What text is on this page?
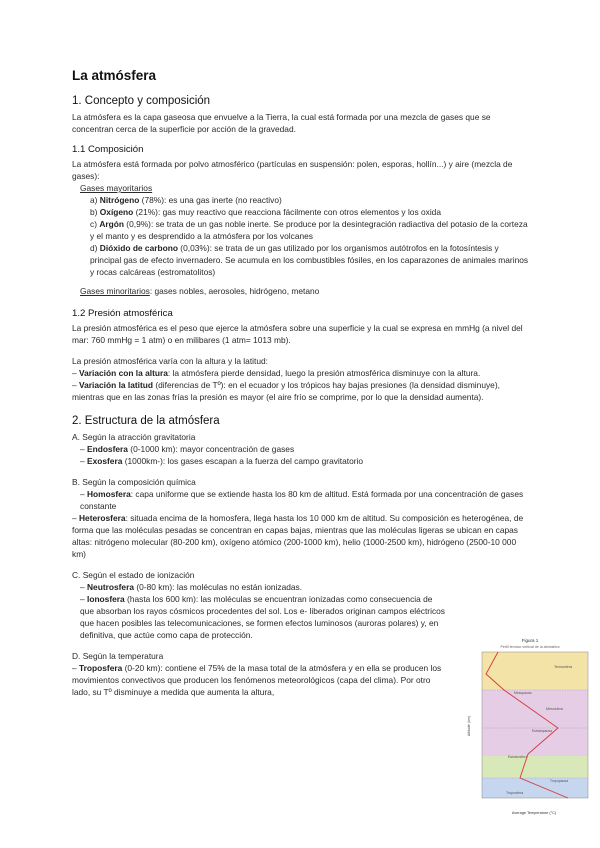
La atmósfera
1. Concepto y composición

La atmósfera es la capa gaseosa que envuelve a la Tierra, la cual está formada por una mezcla de gases que se concentran cerca de la superficie por acción de la gravedad.

1.1 Composición

La atmósfera está formada por polvo atmosférico (partículas en suspensión: polen, esporas, hollín...) y aire (mezcla de gases):

Gases mayoritarios

a) Nitrógeno (78%): es una gas inerte (no reactivo)

b) Oxígeno (21%): gas muy reactivo que reacciona fácilmente con otros elementos y los oxida

c) Argón (0,9%): se trata de un gas noble inerte. Se produce por la desintegración radiactiva del potasio de la corteza y el manto y es desprendido a la atmósfera por los volcanes

d) Dióxido de carbono (0,03%): se trata de un gas utilizado por los organismos autótrofos en la fotosíntesis y principal gas de efecto invernadero. Se acumula en los combustibles fósiles, en los caparazones de animales marinos y rocas calcáreas (estromatolitos)

Gases minoritarios: gases nobles, aerosoles, hidrógeno, metano

1.2 Presión atmosférica

La presión atmosférica es el peso que ejerce la atmósfera sobre una superficie y la cual se expresa en mmHg (a nivel del mar: 760 mmHg = 1 atm) o en milibares (1 atm= 1013 mb).

La presión atmosférica varía con la altura y la latitud:

– Variación con la altura: la atmósfera pierde densidad, luego la presión atmosférica disminuye con la altura.

– Variación la latitud (diferencias de Tº): en el ecuador y los trópicos hay bajas presiones (la densidad disminuye), mientras que en las zonas frías la presión es mayor (el aire frío se comprime, por lo que la densidad aumenta).

2. Estructura de la atmósfera

A. Según la atracción gravitatoria

– Endosfera (0-1000 km): mayor concentración de gases

– Exosfera (1000km-): los gases escapan a la fuerza del campo gravitatorio

B. Según la composición química

– Homosfera: capa uniforme que se extiende hasta los 80 km de altitud. Está formada por una concentración de gases constante

– Heterosfera: situada encima de la homosfera, llega hasta los 10 000 km de altitud. Su composición es heterogénea, de forma que las moléculas pesadas se concentran en capas bajas, mientras que las moléculas ligeras se ubican en capas altas: nitrógeno molecular (80-200 km), oxígeno atómico (200-1000 km), helio (1000-2500 km), hidrógeno (2500-10 000 km)

C. Según el estado de ionización

– Neutrosfera (0-80 km): las moléculas no están ionizadas.

– Ionosfera (hasta los 600 km): las moléculas se encuentran ionizadas como consecuencia de que absorban los rayos cósmicos procedentes del sol. Los e- liberados originan campos eléctricos que hacen posibles las telecomunicaciones, se formen efectos luminosos (auroras polares) y, en definitiva, que actúe como capa de protección.

D. Según la temperatura

– Troposfera (0-20 km): contiene el 75% de la masa total de la atmósfera y en ella se producen los movimientos convectivos que producen los fenómenos meteorológicos (capa del clima). Por otro lado, su Tº disminuye a medida que aumenta la altura,

Figura 1
Perfil térmico vertical de la atmósfera
Termosfera
Mesopausa
Mesosfera
Estratopausa
Estratosfera
Tropopausa
Troposfera
Altitude (km)
Average Temperature (°C)
